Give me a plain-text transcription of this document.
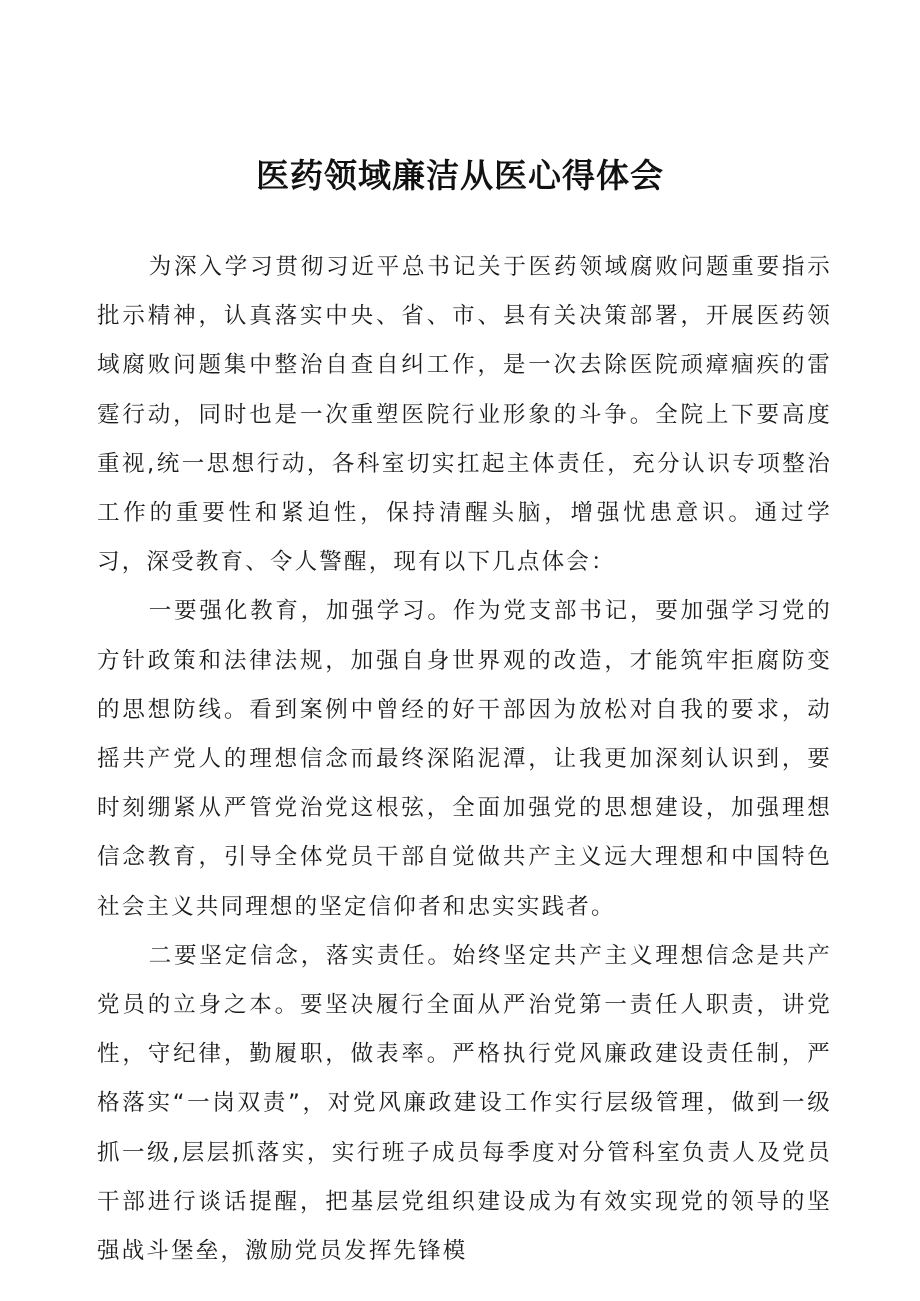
医药领域廉洁从医心得体会

为深入学习贯彻习近平总书记关于医药领域腐败问题重要指示批示精神，认真落实中央、省、市、县有关决策部署，开展医药领域腐败问题集中整治自查自纠工作，是一次去除医院顽瘴痼疾的雷霆行动，同时也是一次重塑医院行业形象的斗争。全院上下要高度重视,统一思想行动，各科室切实扛起主体责任，充分认识专项整治工作的重要性和紧迫性，保持清醒头脑，增强忧患意识。通过学习，深受教育、令人警醒，现有以下几点体会：

一要强化教育，加强学习。作为党支部书记，要加强学习党的方针政策和法律法规，加强自身世界观的改造，才能筑牢拒腐防变的思想防线。看到案例中曾经的好干部因为放松对自我的要求，动摇共产党人的理想信念而最终深陷泥潭，让我更加深刻认识到，要时刻绷紧从严管党治党这根弦，全面加强党的思想建设，加强理想信念教育，引导全体党员干部自觉做共产主义远大理想和中国特色社会主义共同理想的坚定信仰者和忠实实践者。

二要坚定信念，落实责任。始终坚定共产主义理想信念是共产党员的立身之本。要坚决履行全面从严治党第一责任人职责，讲党性，守纪律，勤履职，做表率。严格执行党风廉政建设责任制，严格落实“一岗双责”，对党风廉政建设工作实行层级管理，做到一级抓一级,层层抓落实，实行班子成员每季度对分管科室负责人及党员干部进行谈话提醒，把基层党组织建设成为有效实现党的领导的坚强战斗堡垒，激励党员发挥先锋模
